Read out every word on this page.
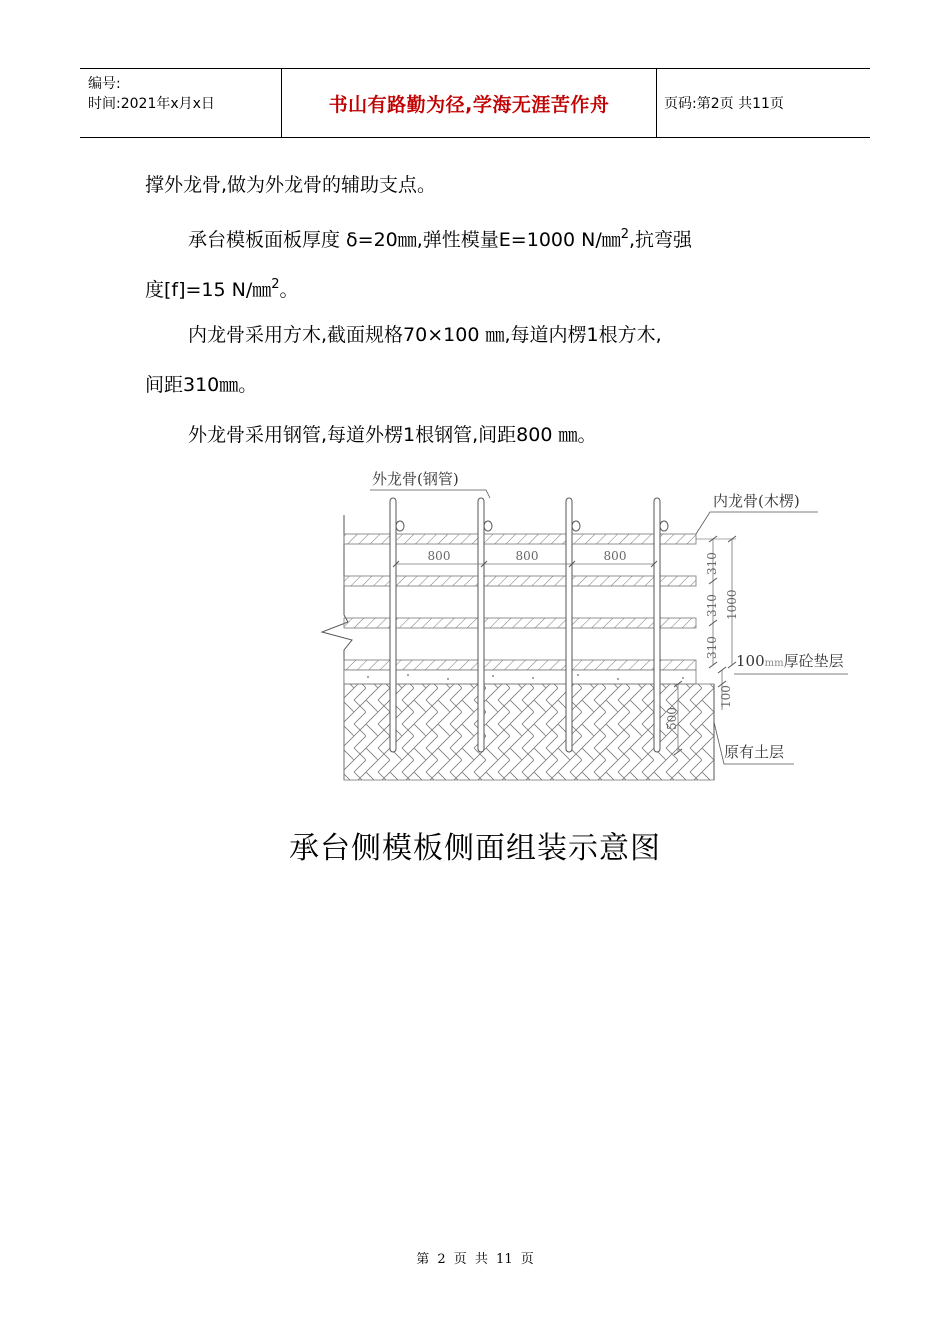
编号:
时间:2021年x月x日	书山有路勤为径,学海无涯苦作舟	页码:第2页 共11页
撑外龙骨,做为外龙骨的辅助支点。
承台模板面板厚度 δ=20㎜,弹性模量E=1000 N/㎜$^2$,抗弯强
度[f]=15 N/㎜$^2$。
内龙骨采用方木,截面规格70×100 ㎜,每道内楞1根方木,
间距310㎜。
外龙骨采用钢管,每道外楞1根钢管,间距800 ㎜。
800	800	800	310
310
310
1000
100
500
外龙骨(钢管)
内龙骨(木楞)
100mm厚砼垫层
原有土层
承台侧模板侧面组装示意图
第 2 页 共 11 页
